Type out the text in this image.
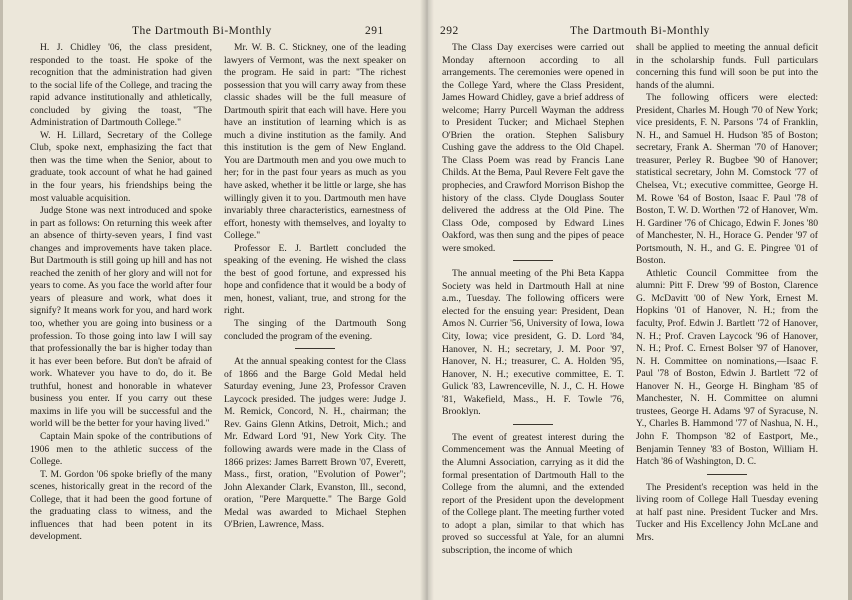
The Dartmouth Bi-Monthly	291

H. J. Chidley '06, the class president, responded to the toast. He spoke of the recognition that the administration had given to the social life of the College, and tracing the rapid advance institutionally and athletically, concluded by giving the toast, "The Administration of Dartmouth College."

W. H. Lillard, Secretary of the College Club, spoke next, emphasizing the fact that then was the time when the Senior, about to graduate, took account of what he had gained in the four years, his friendships being the most valuable acquisition.

Judge Stone was next introduced and spoke in part as follows: On returning this week after an absence of thirty-seven years, I find vast changes and improvements have taken place. But Dartmouth is still going up hill and has not reached the zenith of her glory and will not for years to come. As you face the world after four years of pleasure and work, what does it signify? It means work for you, and hard work too, whether you are going into business or a profession. To those going into law I will say that professionally the bar is higher today than it has ever been before. But don't be afraid of work. Whatever you have to do, do it. Be truthful, honest and honorable in whatever business you enter. If you carry out these maxims in life you will be successful and the world will be the better for your having lived."

Captain Main spoke of the contributions of 1906 men to the athletic success of the College.

T. M. Gordon '06 spoke briefly of the many scenes, historically great in the record of the College, that it had been the good fortune of the graduating class to witness, and the influences that had been potent in its development.

Mr. W. B. C. Stickney, one of the leading lawyers of Vermont, was the next speaker on the program. He said in part: "The richest possession that you will carry away from these classic shades will be the full measure of Dartmouth spirit that each will have. Here you have an institution of learning which is as much a divine institution as the family. And this institution is the gem of New England. You are Dartmouth men and you owe much to her; for in the past four years as much as you have asked, whether it be little or large, she has willingly given it to you. Dartmouth men have invariably three characteristics, earnestness of effort, honesty with themselves, and loyalty to College."

Professor E. J. Bartlett concluded the speaking of the evening. He wished the class the best of good fortune, and expressed his hope and confidence that it would be a body of men, honest, valiant, true, and strong for the right.

The singing of the Dartmouth Song concluded the program of the evening.

At the annual speaking contest for the Class of 1866 and the Barge Gold Medal held Saturday evening, June 23, Professor Craven Laycock presided. The judges were: Judge J. M. Remick, Concord, N. H., chairman; the Rev. Gains Glenn Atkins, Detroit, Mich.; and Mr. Edward Lord '91, New York City. The following awards were made in the Class of 1866 prizes: James Barrett Brown '07, Everett, Mass., first, oration, "Evolution of Power"; John Alexander Clark, Evanston, Ill., second, oration, "Pere Marquette." The Barge Gold Medal was awarded to Michael Stephen O'Brien, Lawrence, Mass.

292	The Dartmouth Bi-Monthly

The Class Day exercises were carried out Monday afternoon according to all arrangements. The ceremonies were opened in the College Yard, where the Class President, James Howard Chidley, gave a brief address of welcome; Harry Purcell Wayman the address to President Tucker; and Michael Stephen O'Brien the oration. Stephen Salisbury Cushing gave the address to the Old Chapel. The Class Poem was read by Francis Lane Childs. At the Bema, Paul Revere Felt gave the prophecies, and Crawford Morrison Bishop the history of the class. Clyde Douglass Souter delivered the address at the Old Pine. The Class Ode, composed by Edward Lines Oakford, was then sung and the pipes of peace were smoked.

The annual meeting of the Phi Beta Kappa Society was held in Dartmouth Hall at nine a.m., Tuesday. The following officers were elected for the ensuing year: President, Dean Amos N. Currier '56, University of Iowa, Iowa City, Iowa; vice president, G. D. Lord '84, Hanover, N. H.; secretary, J. M. Poor '97, Hanover, N. H.; treasurer, C. A. Holden '95, Hanover, N. H.; executive committee, E. T. Gulick '83, Lawrenceville, N. J., C. H. Howe '81, Wakefield, Mass., H. F. Towle '76, Brooklyn.

The event of greatest interest during the Commencement was the Annual Meeting of the Alumni Association, carrying as it did the formal presentation of Dartmouth Hall to the College from the alumni, and the extended report of the President upon the development of the College plant. The meeting further voted to adopt a plan, similar to that which has proved so successful at Yale, for an alumni subscription, the income of which

shall be applied to meeting the annual deficit in the scholarship funds. Full particulars concerning this fund will soon be put into the hands of the alumni.

The following officers were elected: President, Charles M. Hough '70 of New York; vice presidents, F. N. Parsons '74 of Franklin, N. H., and Samuel H. Hudson '85 of Boston; secretary, Frank A. Sherman '70 of Hanover; treasurer, Perley R. Bugbee '90 of Hanover; statistical secretary, John M. Comstock '77 of Chelsea, Vt.; executive committee, George H. M. Rowe '64 of Boston, Isaac F. Paul '78 of Boston, T. W. D. Worthen '72 of Hanover, Wm. H. Gardiner '76 of Chicago, Edwin F. Jones '80 of Manchester, N. H., Horace G. Pender '97 of Portsmouth, N. H., and G. E. Pingree '01 of Boston.

Athletic Council Committee from the alumni: Pitt F. Drew '99 of Boston, Clarence G. McDavitt '00 of New York, Ernest M. Hopkins '01 of Hanover, N. H.; from the faculty, Prof. Edwin J. Bartlett '72 of Hanover, N. H.; Prof. Craven Laycock '96 of Hanover, N. H.; Prof. C. Ernest Bolser '97 of Hanover, N. H. Committee on nominations,—Isaac F. Paul '78 of Boston, Edwin J. Bartlett '72 of Hanover N. H., George H. Bingham '85 of Manchester, N. H. Committee on alumni trustees, George H. Adams '97 of Syracuse, N. Y., Charles B. Hammond '77 of Nashua, N. H., John F. Thompson '82 of Eastport, Me., Benjamin Tenney '83 of Boston, William H. Hatch '86 of Washington, D. C.

The President's reception was held in the living room of College Hall Tuesday evening at half past nine. President Tucker and Mrs. Tucker and His Excellency John McLane and Mrs.
